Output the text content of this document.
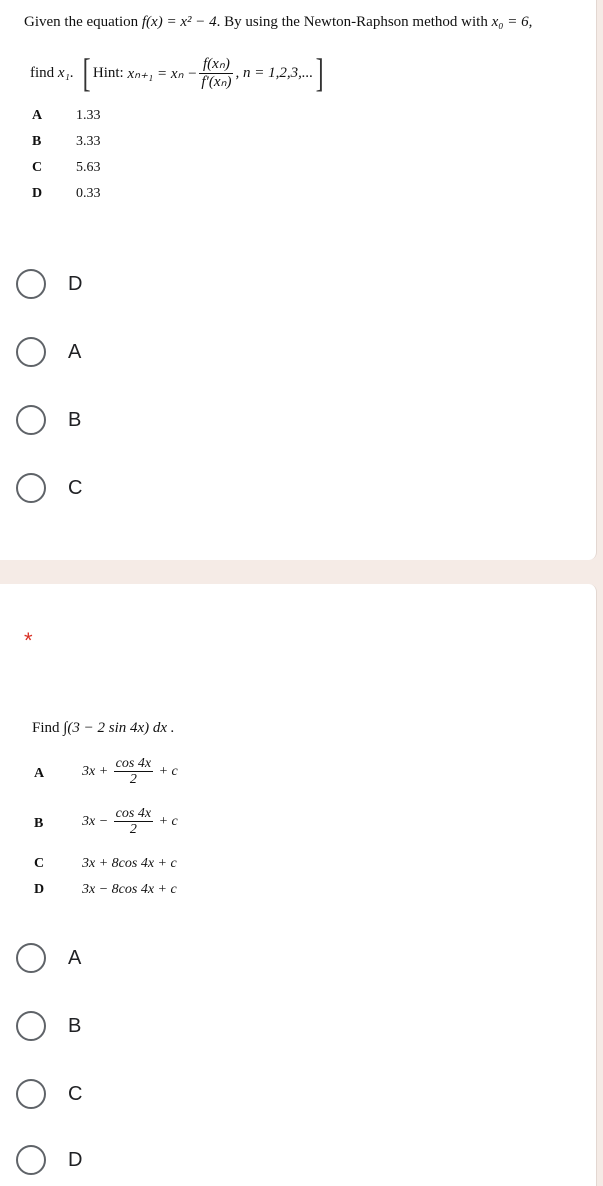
Given the equation f(x) = x² − 4. By using the Newton-Raphson method with x₀ = 6,
find
x₁ . [ Hint:
$x_{n+1} = x_n - \frac{\text{f(xₙ)}}{\text{f′(xₙ)}}$ , n = 1,2,3,... ]
A 1.33
B 3.33
C 5.63
D 0.33
D
A
B
C
*
Find ∫(3 − 2 sin 4x) dx .
A	$3x + \frac{\cos 4x}{2} + c$
B	$3x - \frac{\cos 4x}{2} + c$
C	3x + 8cos 4x + c
D	3x − 8cos 4x + c
A
B
C
D
